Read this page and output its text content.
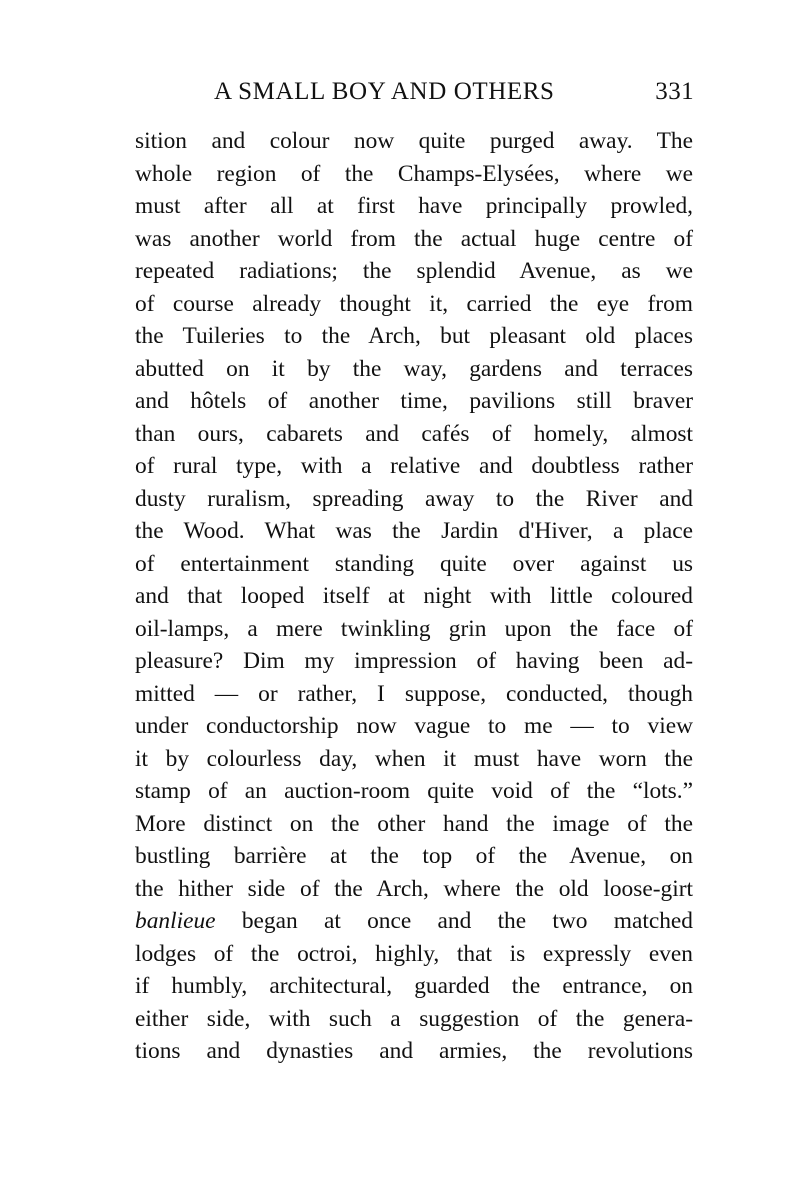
A SMALL BOY AND OTHERS	331
sition and colour now quite purged away. The
whole region of the Champs-Elysées, where we
must after all at first have principally prowled,
was another world from the actual huge centre of
repeated radiations; the splendid Avenue, as we
of course already thought it, carried the eye from
the Tuileries to the Arch, but pleasant old places
abutted on it by the way, gardens and terraces
and hôtels of another time, pavilions still braver
than ours, cabarets and cafés of homely, almost
of rural type, with a relative and doubtless rather
dusty ruralism, spreading away to the River and
the Wood. What was the Jardin d'Hiver, a place
of entertainment standing quite over against us
and that looped itself at night with little coloured
oil-lamps, a mere twinkling grin upon the face of
pleasure? Dim my impression of having been ad-
mitted — or rather, I suppose, conducted, though
under conductorship now vague to me — to view
it by colourless day, when it must have worn the
stamp of an auction-room quite void of the “lots.”
More distinct on the other hand the image of the
bustling barrière at the top of the Avenue, on
the hither side of the Arch, where the old loose-girt
banlieue began at once and the two matched
lodges of the octroi, highly, that is expressly even
if humbly, architectural, guarded the entrance, on
either side, with such a suggestion of the genera-
tions and dynasties and armies, the revolutions
